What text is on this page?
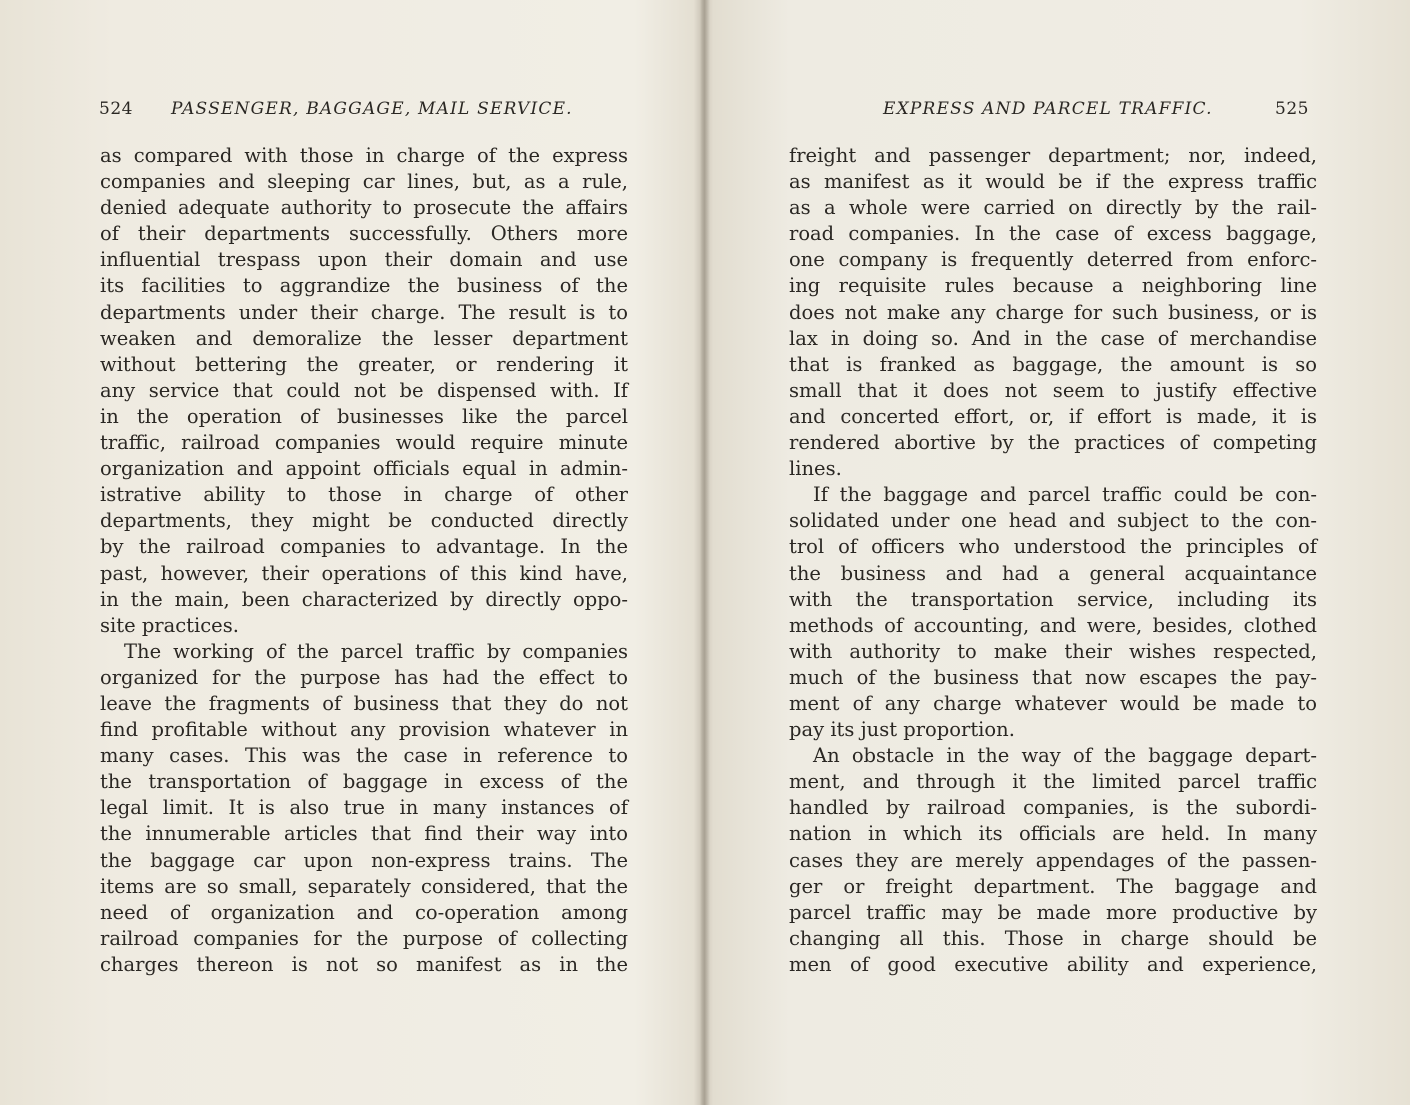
524	PASSENGER, BAGGAGE, MAIL SERVICE.
as compared with those in charge of the express
companies and sleeping car lines, but, as a rule,
denied adequate authority to prosecute the affairs
of their departments successfully. Others more
influential trespass upon their domain and use
its facilities to aggrandize the business of the
departments under their charge. The result is to
weaken and demoralize the lesser department
without bettering the greater, or rendering it
any service that could not be dispensed with. If
in the operation of businesses like the parcel
traffic, railroad companies would require minute
organization and appoint officials equal in admin-
istrative ability to those in charge of other
departments, they might be conducted directly
by the railroad companies to advantage. In the
past, however, their operations of this kind have,
in the main, been characterized by directly oppo-
site practices.
The working of the parcel traffic by companies
organized for the purpose has had the effect to
leave the fragments of business that they do not
find profitable without any provision whatever in
many cases. This was the case in reference to
the transportation of baggage in excess of the
legal limit. It is also true in many instances of
the innumerable articles that find their way into
the baggage car upon non-express trains. The
items are so small, separately considered, that the
need of organization and co-operation among
railroad companies for the purpose of collecting
charges thereon is not so manifest as in the
EXPRESS AND PARCEL TRAFFIC.	525
freight and passenger department; nor, indeed,
as manifest as it would be if the express traffic
as a whole were carried on directly by the rail-
road companies. In the case of excess baggage,
one company is frequently deterred from enforc-
ing requisite rules because a neighboring line
does not make any charge for such business, or is
lax in doing so. And in the case of merchandise
that is franked as baggage, the amount is so
small that it does not seem to justify effective
and concerted effort, or, if effort is made, it is
rendered abortive by the practices of competing
lines.
If the baggage and parcel traffic could be con-
solidated under one head and subject to the con-
trol of officers who understood the principles of
the business and had a general acquaintance
with the transportation service, including its
methods of accounting, and were, besides, clothed
with authority to make their wishes respected,
much of the business that now escapes the pay-
ment of any charge whatever would be made to
pay its just proportion.
An obstacle in the way of the baggage depart-
ment, and through it the limited parcel traffic
handled by railroad companies, is the subordi-
nation in which its officials are held. In many
cases they are merely appendages of the passen-
ger or freight department. The baggage and
parcel traffic may be made more productive by
changing all this. Those in charge should be
men of good executive ability and experience,
